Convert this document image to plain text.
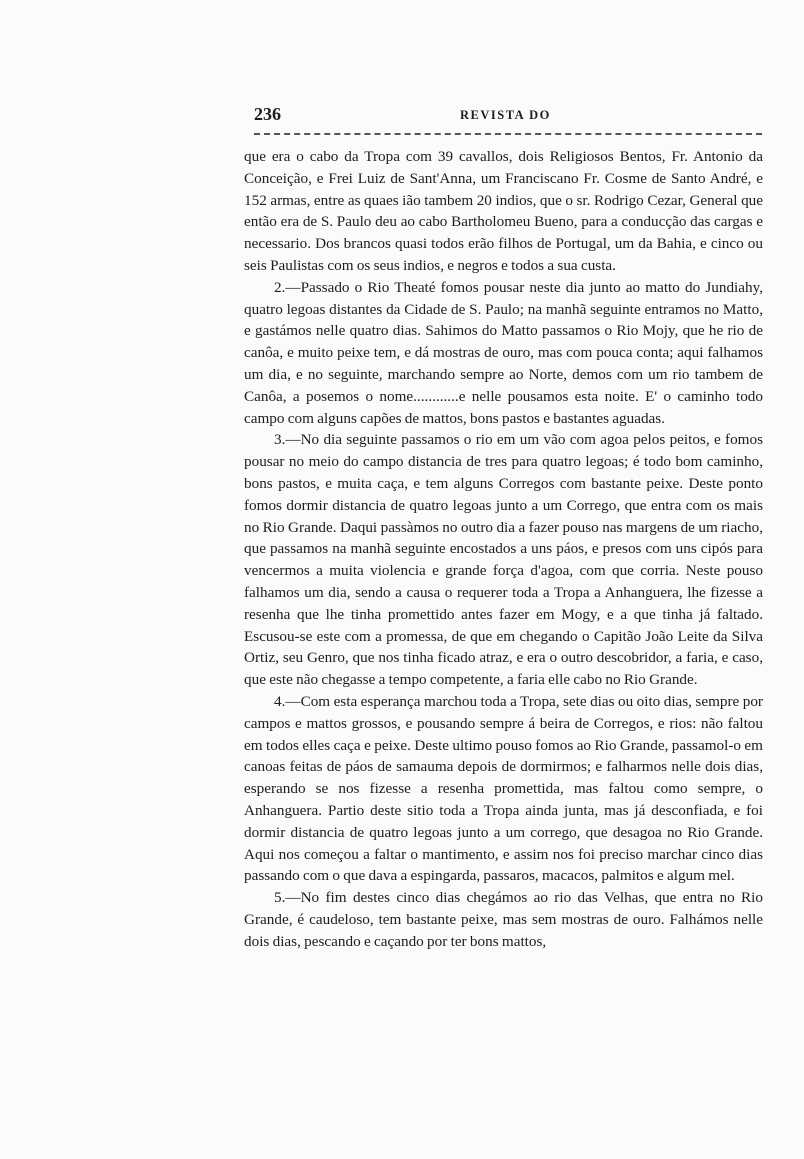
236	REVISTA DO

que era o cabo da Tropa com 39 cavallos, dois Religiosos Bentos, Fr. Antonio da Conceição, e Frei Luiz de Sant'Anna, um Franciscano Fr. Cosme de Santo André, e 152 armas, entre as quaes ião tambem 20 indios, que o sr. Rodrigo Cezar, General que então era de S. Paulo deu ao cabo Bartholomeu Bueno, para a conducção das cargas e necessario. Dos brancos quasi todos erão filhos de Portugal, um da Bahia, e cinco ou seis Paulistas com os seus indios, e negros e todos a sua custa.

2.—Passado o Rio Theaté fomos pousar neste dia junto ao matto do Jundiahy, quatro legoas distantes da Cidade de S. Paulo; na manhã seguinte entramos no Matto, e gastámos nelle quatro dias. Sahimos do Matto passamos o Rio Mojy, que he rio de canôa, e muito peixe tem, e dá mostras de ouro, mas com pouca conta; aqui falhamos um dia, e no seguinte, marchando sempre ao Norte, demos com um rio tambem de Canôa, a posemos o nome............e nelle pousamos esta noite. E' o caminho todo campo com alguns capões de mattos, bons pastos e bastantes aguadas.

3.—No dia seguinte passamos o rio em um vão com agoa pelos peitos, e fomos pousar no meio do campo distancia de tres para quatro legoas; é todo bom caminho, bons pastos, e muita caça, e tem alguns Corregos com bastante peixe. Deste ponto fomos dormir distancia de quatro legoas junto a um Corrego, que entra com os mais no Rio Grande. Daqui passàmos no outro dia a fazer pouso nas margens de um riacho, que passamos na manhã seguinte encostados a uns páos, e presos com uns cipós para vencermos a muita violencia e grande força d'agoa, com que corria. Neste pouso falhamos um dia, sendo a causa o requerer toda a Tropa a Anhanguera, lhe fizesse a resenha que lhe tinha promettido antes fazer em Mogy, e a que tinha já faltado. Escusou-se este com a promessa, de que em chegando o Capitão João Leite da Silva Ortiz, seu Genro, que nos tinha ficado atraz, e era o outro descobridor, a faria, e caso, que este não chegasse a tempo competente, a faria elle cabo no Rio Grande.

4.—Com esta esperança marchou toda a Tropa, sete dias ou oito dias, sempre por campos e mattos grossos, e pousando sempre á beira de Corregos, e rios: não faltou em todos elles caça e peixe. Deste ultimo pouso fomos ao Rio Grande, passamol-o em canoas feitas de páos de samauma depois de dormirmos; e falharmos nelle dois dias, esperando se nos fizesse a resenha promettida, mas faltou como sempre, o Anhanguera. Partio deste sitio toda a Tropa ainda junta, mas já desconfiada, e foi dormir distancia de quatro legoas junto a um corrego, que desagoa no Rio Grande. Aqui nos começou a faltar o mantimento, e assim nos foi preciso marchar cinco dias passando com o que dava a espingarda, passaros, macacos, palmitos e algum mel.

5.—No fim destes cinco dias chegámos ao rio das Velhas, que entra no Rio Grande, é caudeloso, tem bastante peixe, mas sem mostras de ouro. Falhámos nelle dois dias, pescando e caçando por ter bons mattos,
